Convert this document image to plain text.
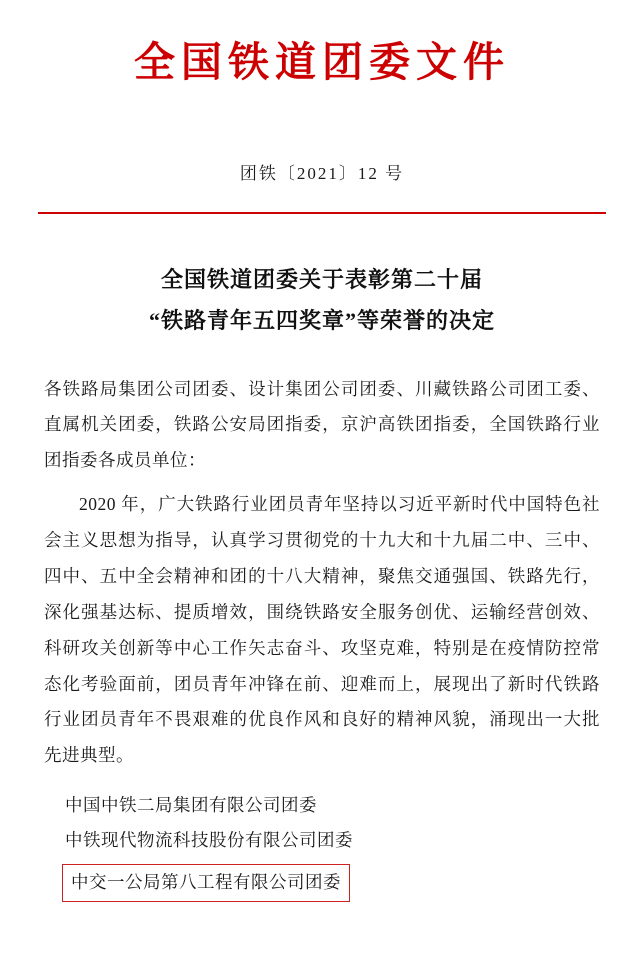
全国铁道团委文件
团铁〔2021〕12 号
全国铁道团委关于表彰第二十届
“铁路青年五四奖章”等荣誉的决定
各铁路局集团公司团委、设计集团公司团委、川藏铁路公司团工委、直属机关团委，铁路公安局团指委，京沪高铁团指委，全国铁路行业团指委各成员单位：
2020 年，广大铁路行业团员青年坚持以习近平新时代中国特色社会主义思想为指导，认真学习贯彻党的十九大和十九届二中、三中、四中、五中全会精神和团的十八大精神，聚焦交通强国、铁路先行，深化强基达标、提质增效，围绕铁路安全服务创优、运输经营创效、科研攻关创新等中心工作矢志奋斗、攻坚克难，特别是在疫情防控常态化考验面前，团员青年冲锋在前、迎难而上，展现出了新时代铁路行业团员青年不畏艰难的优良作风和良好的精神风貌，涌现出一大批先进典型。
中国中铁二局集团有限公司团委
中铁现代物流科技股份有限公司团委
中交一公局第八工程有限公司团委
